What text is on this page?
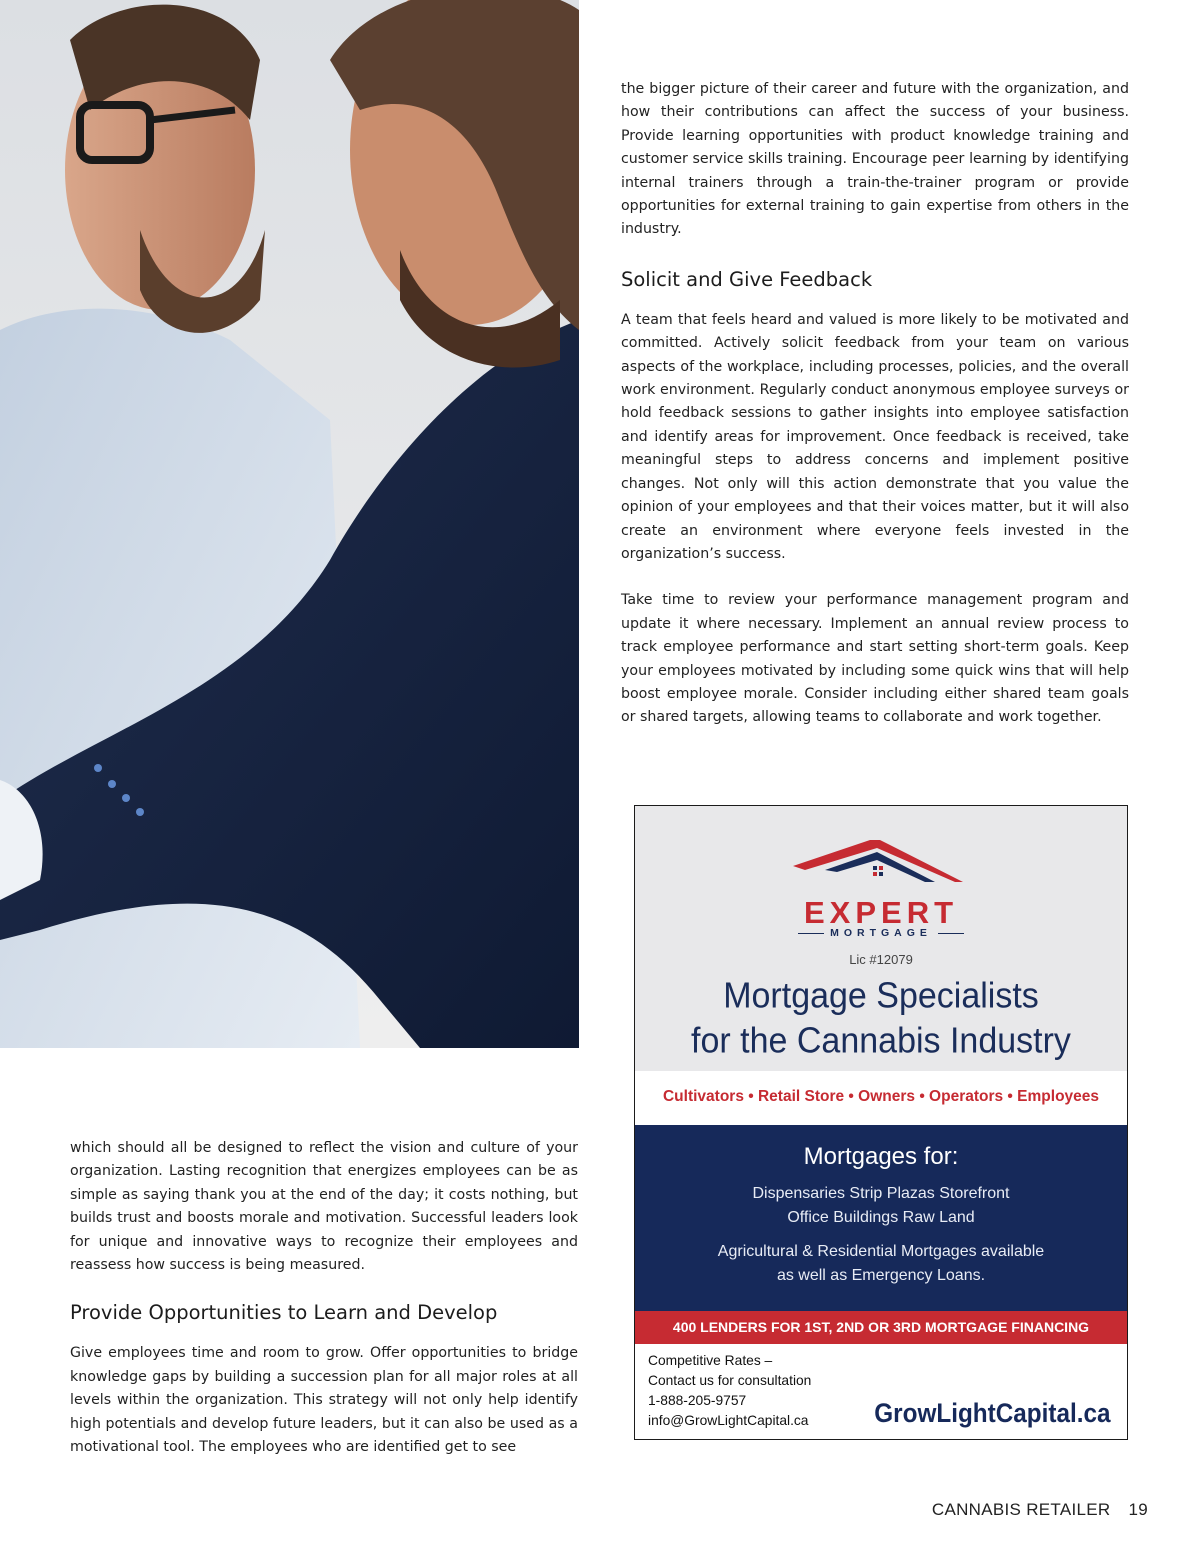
the bigger picture of their career and future with the organization, and how their contributions can affect the success of your business. Provide learning opportunities with product knowledge training and customer service skills training. Encourage peer learning by identifying internal trainers through a train-the-trainer program or provide opportunities for external training to gain expertise from others in the industry.

Solicit and Give Feedback

A team that feels heard and valued is more likely to be motivated and committed. Actively solicit feedback from your team on various aspects of the workplace, including processes, policies, and the overall work environment. Regularly conduct anonymous employee surveys or hold feedback sessions to gather insights into employee satisfaction and identify areas for improvement. Once feedback is received, take meaningful steps to address concerns and implement positive changes. Not only will this action demonstrate that you value the opinion of your employees and that their voices matter, but it will also create an environment where everyone feels invested in the organization’s success.

Take time to review your performance management program and update it where necessary. Implement an annual review process to track employee performance and start setting short-term goals. Keep your employees motivated by including some quick wins that will help boost employee morale. Consider including either shared team goals or shared targets, allowing teams to collaborate and work together.

which should all be designed to reflect the vision and culture of your organization. Lasting recognition that energizes employees can be as simple as saying thank you at the end of the day; it costs nothing, but builds trust and boosts morale and motivation. Successful leaders look for unique and innovative ways to recognize their employees and reassess how success is being measured.

Provide Opportunities to Learn and Develop

Give employees time and room to grow. Offer opportunities to bridge knowledge gaps by building a succession plan for all major roles at all levels within the organization. This strategy will not only help identify high potentials and develop future leaders, but it can also be used as a motivational tool. The employees who are identified get to see

EXPERT
MORTGAGE
Lic #12079
Mortgage Specialists
for the Cannabis Industry
Cultivators • Retail Store • Owners • Operators • Employees
Mortgages for:
Dispensaries Strip Plazas Storefront
Office Buildings Raw Land
Agricultural & Residential Mortgages available
as well as Emergency Loans.
400 LENDERS FOR 1ST, 2ND OR 3RD MORTGAGE FINANCING
Competitive Rates –
Contact us for consultation
1-888-205-9757
info@GrowLightCapital.ca GrowLightCapital.ca
CANNABIS RETAILER 19
